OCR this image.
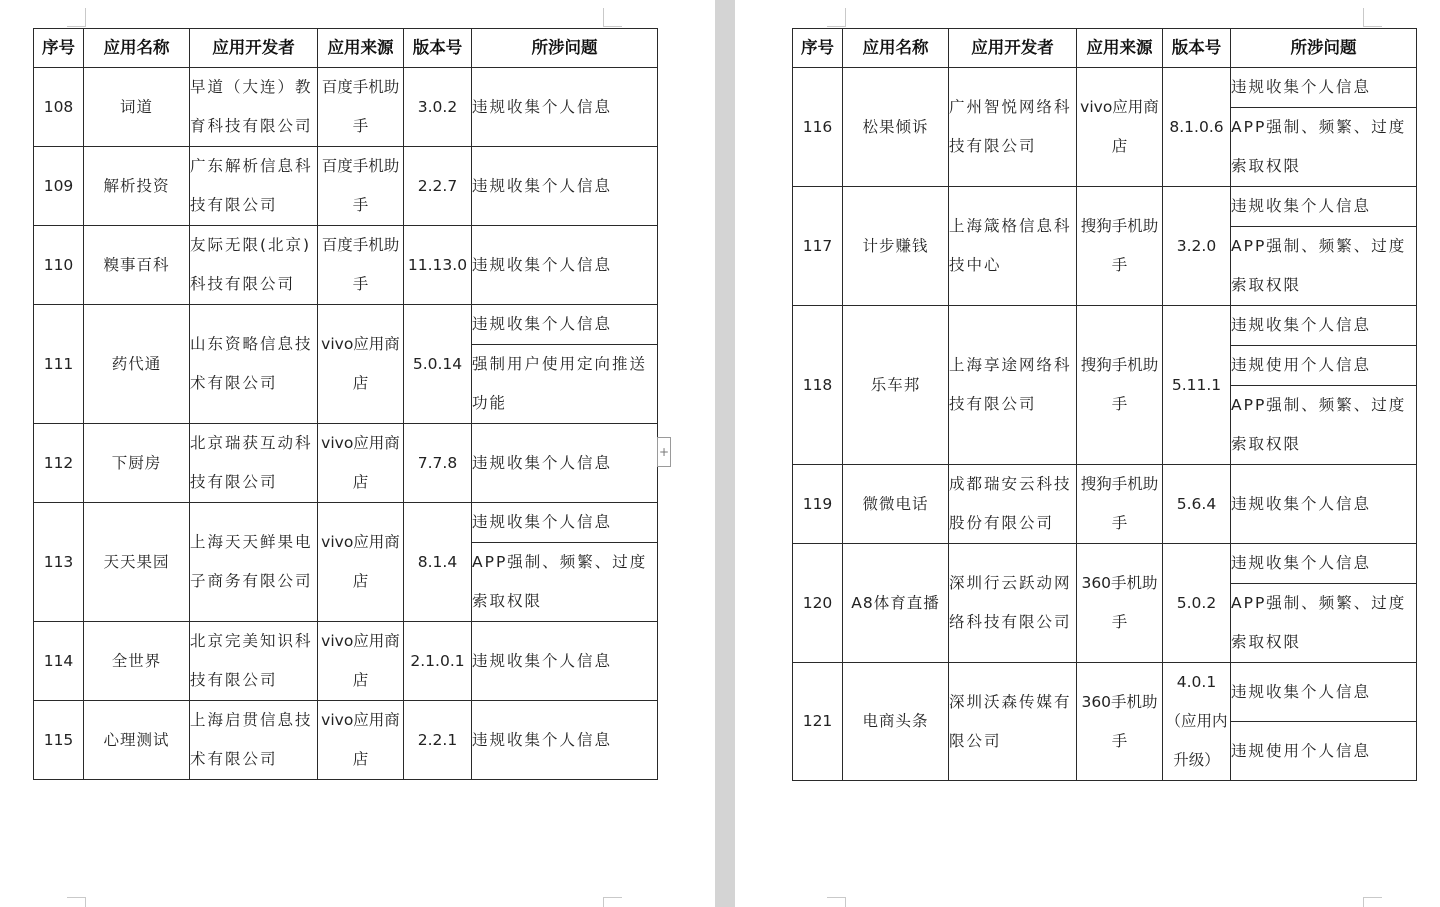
序号	应用名称	应用开发者	应用来源	版本号	所涉问题
108	词道	早道（大连）教育科技有限公司	百度手机助手	3.0.2	违规收集个人信息
109	解析投资	广东解析信息科技有限公司	百度手机助手	2.2.7	违规收集个人信息
110	糗事百科	友际无限(北京)科技有限公司	百度手机助手	11.13.0	违规收集个人信息
111	药代通	山东资略信息技术有限公司	vivo应用商店	5.0.14	违规收集个人信息
					强制用户使用定向推送功能
112	下厨房	北京瑞获互动科技有限公司	vivo应用商店	7.7.8	违规收集个人信息
113	天天果园	上海天天鲜果电子商务有限公司	vivo应用商店	8.1.4	违规收集个人信息
					APP强制、频繁、过度索取权限
114	全世界	北京完美知识科技有限公司	vivo应用商店	2.1.0.1	违规收集个人信息
115	心理测试	上海启贯信息技术有限公司	vivo应用商店	2.2.1	违规收集个人信息
+
序号	应用名称	应用开发者	应用来源	版本号	所涉问题
116	松果倾诉	广州智悦网络科技有限公司	vivo应用商店	8.1.0.6	违规收集个人信息
					APP强制、频繁、过度索取权限
117	计步赚钱	上海箴格信息科技中心	搜狗手机助手	3.2.0	违规收集个人信息
					APP强制、频繁、过度索取权限
118	乐车邦	上海享途网络科技有限公司	搜狗手机助手	5.11.1	违规收集个人信息
					违规使用个人信息
					APP强制、频繁、过度索取权限
119	微微电话	成都瑞安云科技股份有限公司	搜狗手机助手	5.6.4	违规收集个人信息
120	A8体育直播	深圳行云跃动网络科技有限公司	360手机助手	5.0.2	违规收集个人信息
					APP强制、频繁、过度索取权限
121	电商头条	深圳沃森传媒有限公司	360手机助手	4.0.1（应用内升级）	违规收集个人信息
					违规使用个人信息
